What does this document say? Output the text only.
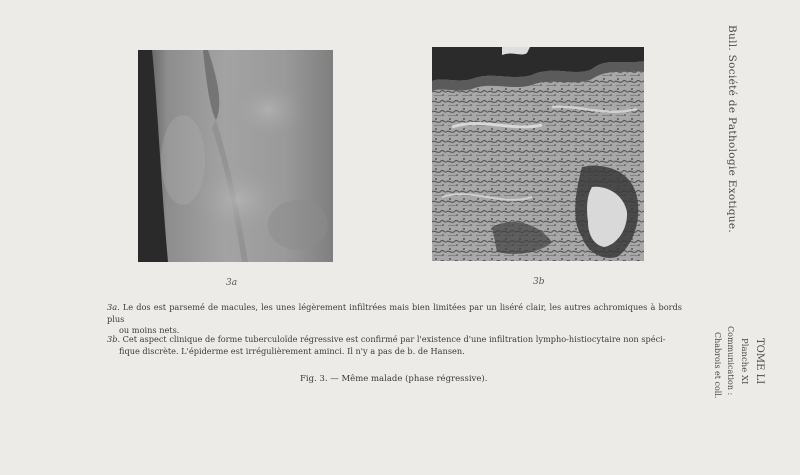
3a	3b
3a. Le dos est parsemé de macules, les unes légèrement infiltrées mais bien limitées par un liséré clair, les autres achromiques à bords plus
ou moins nets.
3b. Cet aspect clinique de forme tuberculoïde régressive est confirmé par l'existence d'une infiltration lympho-histiocytaire non spéci-
fique discrète. L'épiderme est irrégulièrement aminci. Il n'y a pas de b. de Hansen.
Fig. 3. — Même malade (phase régressive).
Bull. Société de Pathologie Exotique.
TOME LI
Planche XI
Communication :
Chabrois et coll.
